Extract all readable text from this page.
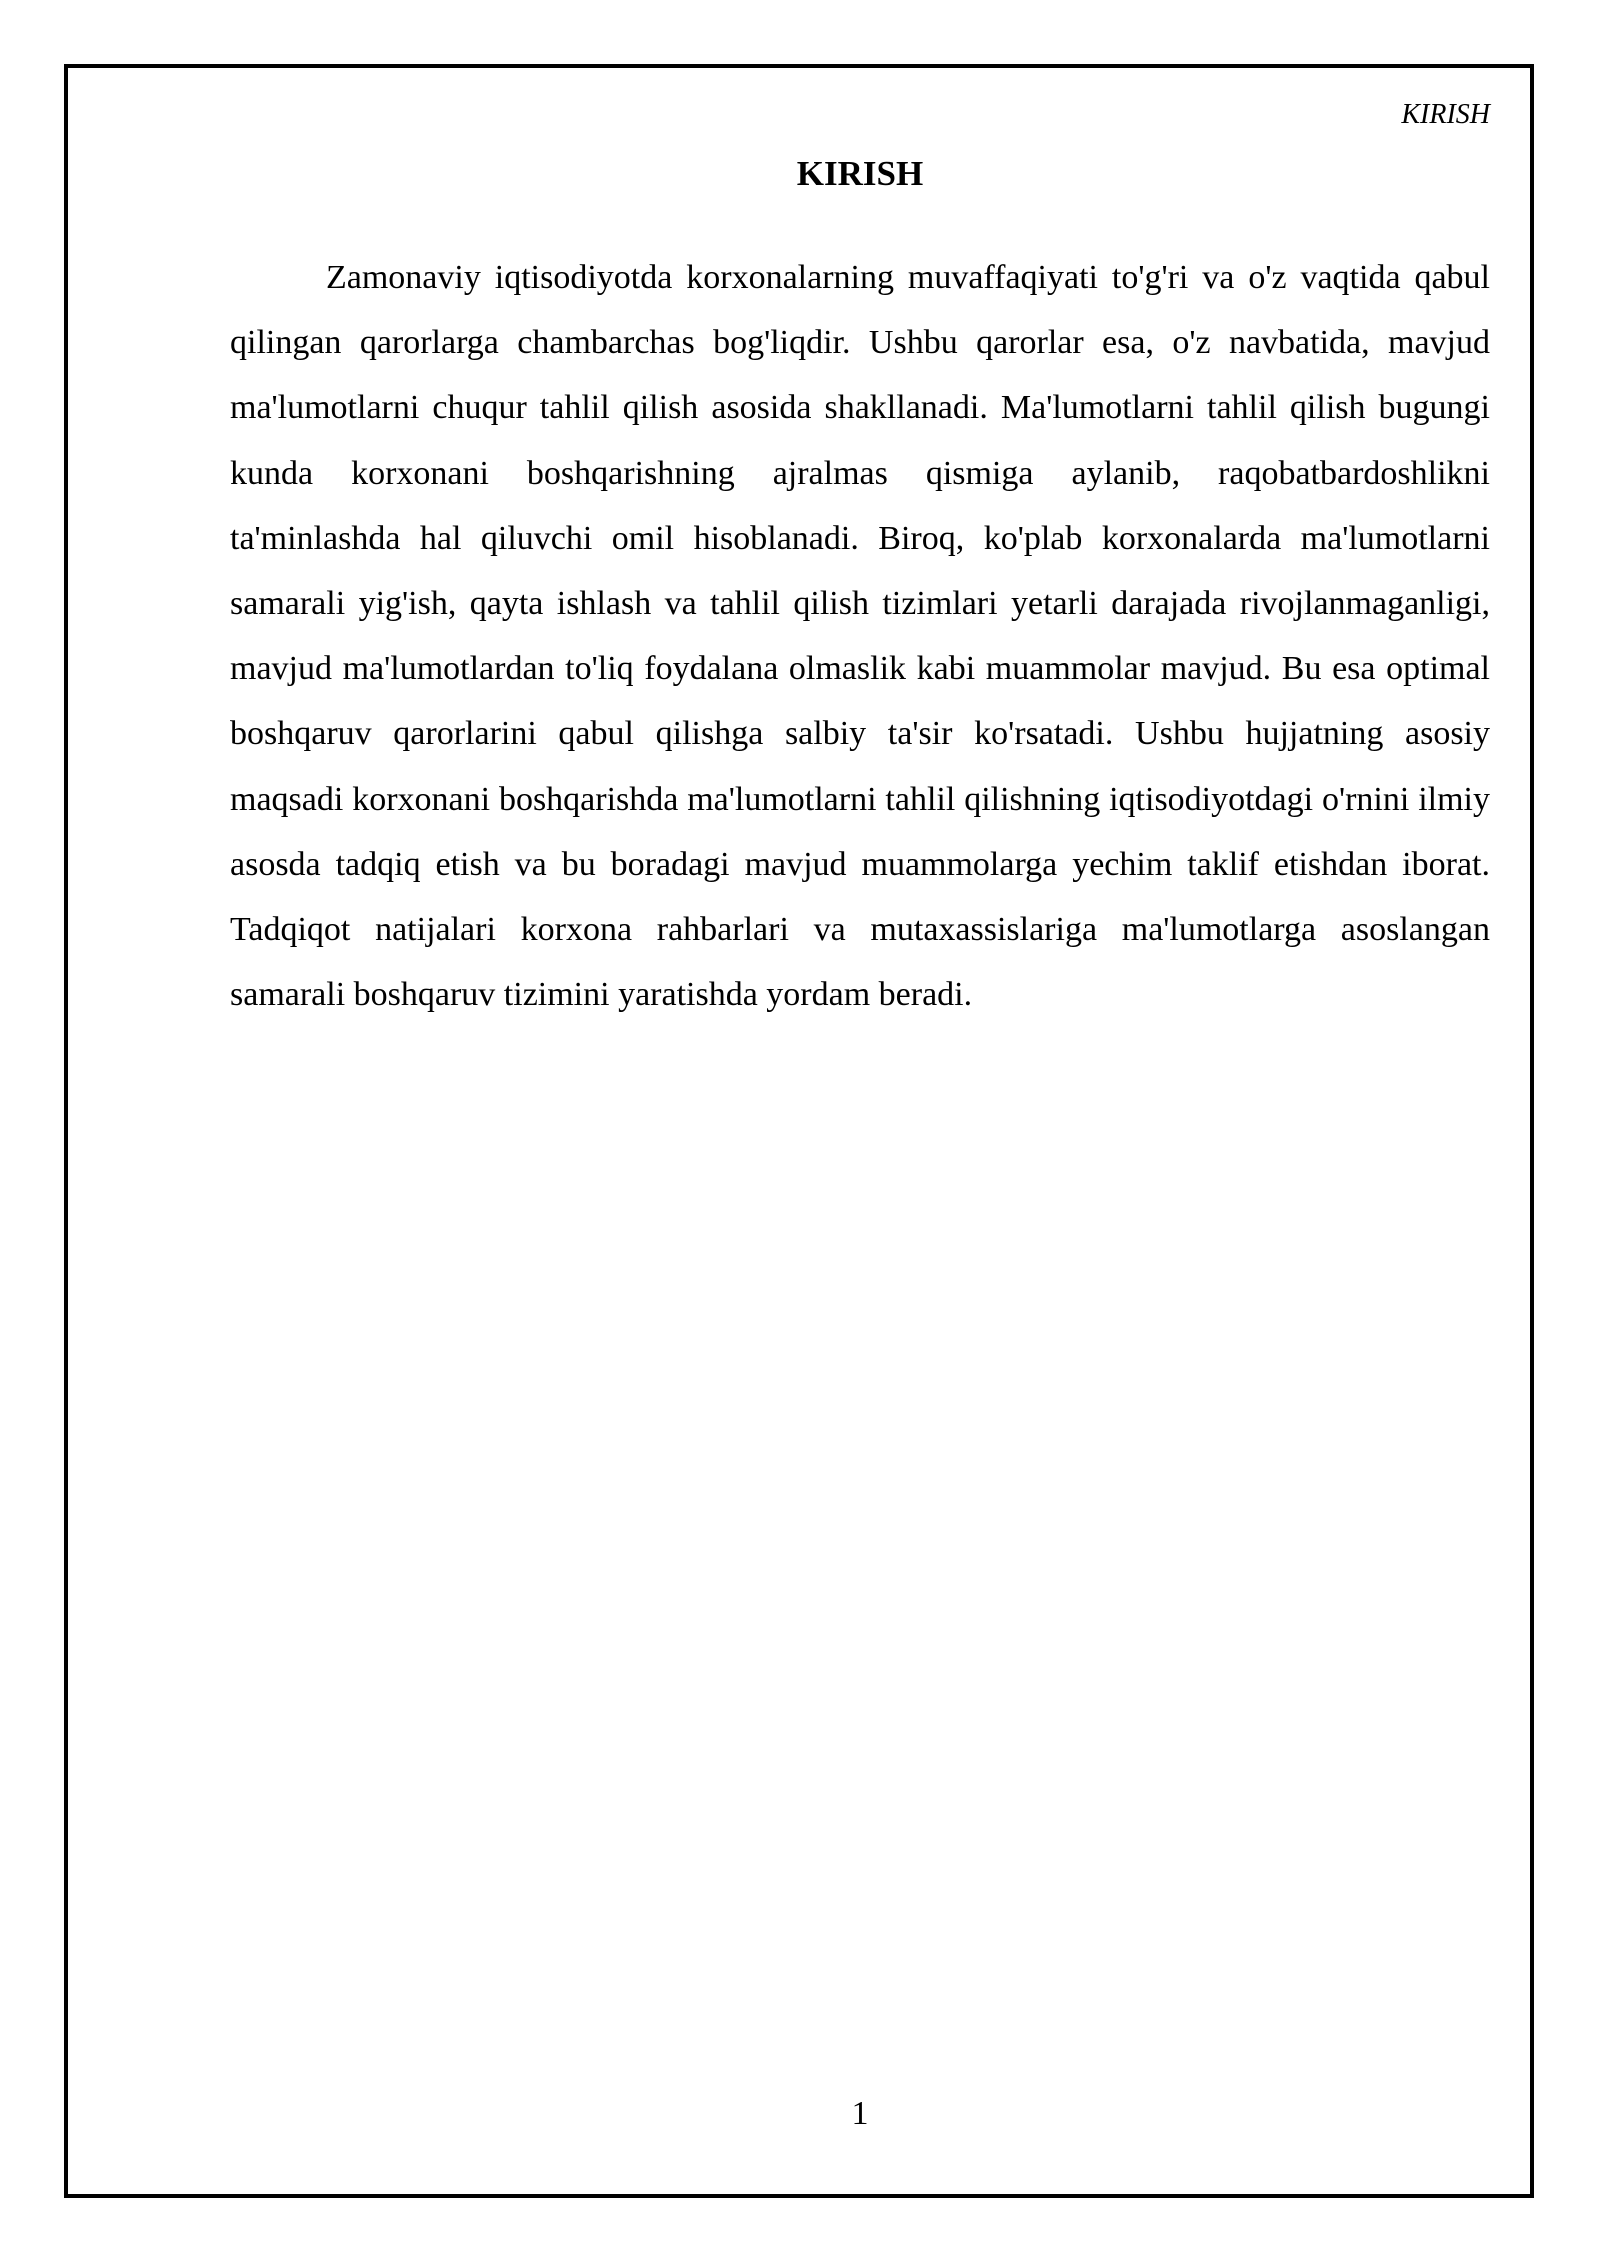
KIRISH
KIRISH

Zamonaviy iqtisodiyotda korxonalarning muvaffaqiyati to'g'ri va o'z vaqtida qabul qilingan qarorlarga chambarchas bog'liqdir. Ushbu qarorlar esa, o'z navbatida, mavjud ma'lumotlarni chuqur tahlil qilish asosida shakllanadi. Ma'lumotlarni tahlil qilish bugungi kunda korxonani boshqarishning ajralmas qismiga aylanib, raqobatbardoshlikni ta'minlashda hal qiluvchi omil hisoblanadi. Biroq, ko'plab korxonalarda ma'lumotlarni samarali yig'ish, qayta ishlash va tahlil qilish tizimlari yetarli darajada rivojlanmaganligi, mavjud ma'lumotlardan to'liq foydalana olmaslik kabi muammolar mavjud. Bu esa optimal boshqaruv qarorlarini qabul qilishga salbiy ta'sir ko'rsatadi. Ushbu hujjatning asosiy maqsadi korxonani boshqarishda ma'lumotlarni tahlil qilishning iqtisodiyotdagi o'rnini ilmiy asosda tadqiq etish va bu boradagi mavjud muammolarga yechim taklif etishdan iborat. Tadqiqot natijalari korxona rahbarlari va mutaxassislariga ma'lumotlarga asoslangan samarali boshqaruv tizimini yaratishda yordam beradi.

1
